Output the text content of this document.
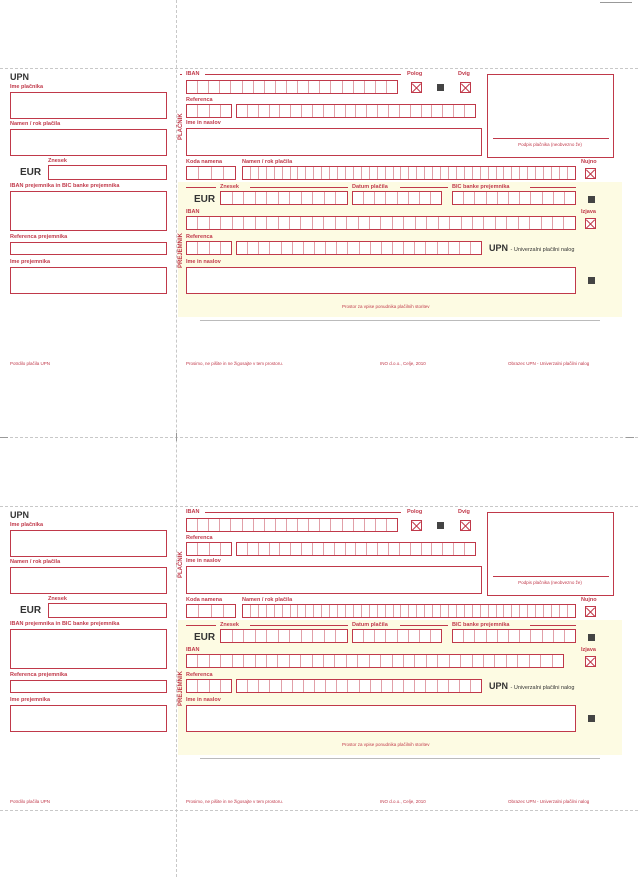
UPN
Ime plačnika
Namen / rok plačila
Znesek
EUR
IBAN prejemnika in BIC banke prejemnika
Referenca prejemnika
Ime prejemnika
IBAN
PLAČNIK
Polog	Dvig
Podpis plačnika (neobvezno že)
Referenca
Ime in naslov
Koda namena	Namen / rok plačila	Nujno
PREJEMNIK
Znesek	Datum plačila	BIC banke prejemnika
EUR
IBAN	Izjava
Referenca
UPN - Univerzalni plačilni nalog
Ime in naslov
Prostor za vpise ponudnika plačilnih storitev
Potrdilo plačila UPN	Prosimo, ne pišite in ne žigosajte v tem prostoru.	INO d.o.o., Celje, 2010	Obrazec UPN - Univerzalni plačilni nalog
UPN
Ime plačnika
Namen / rok plačila
Znesek
EUR
IBAN prejemnika in BIC banke prejemnika
Referenca prejemnika
Ime prejemnika
IBAN
PLAČNIK
Polog	Dvig
Podpis plačnika (neobvezno že)
Referenca
Ime in naslov
Koda namena	Namen / rok plačila	Nujno
PREJEMNIK
Znesek	Datum plačila	BIC banke prejemnika
EUR
IBAN	Izjava
Referenca
UPN - Univerzalni plačilni nalog
Ime in naslov
Prostor za vpise ponudnika plačilnih storitev
Potrdilo plačila UPN	Prosimo, ne pišite in ne žigosajte v tem prostoru.	INO d.o.o., Celje, 2010	Obrazec UPN - Univerzalni plačilni nalog
